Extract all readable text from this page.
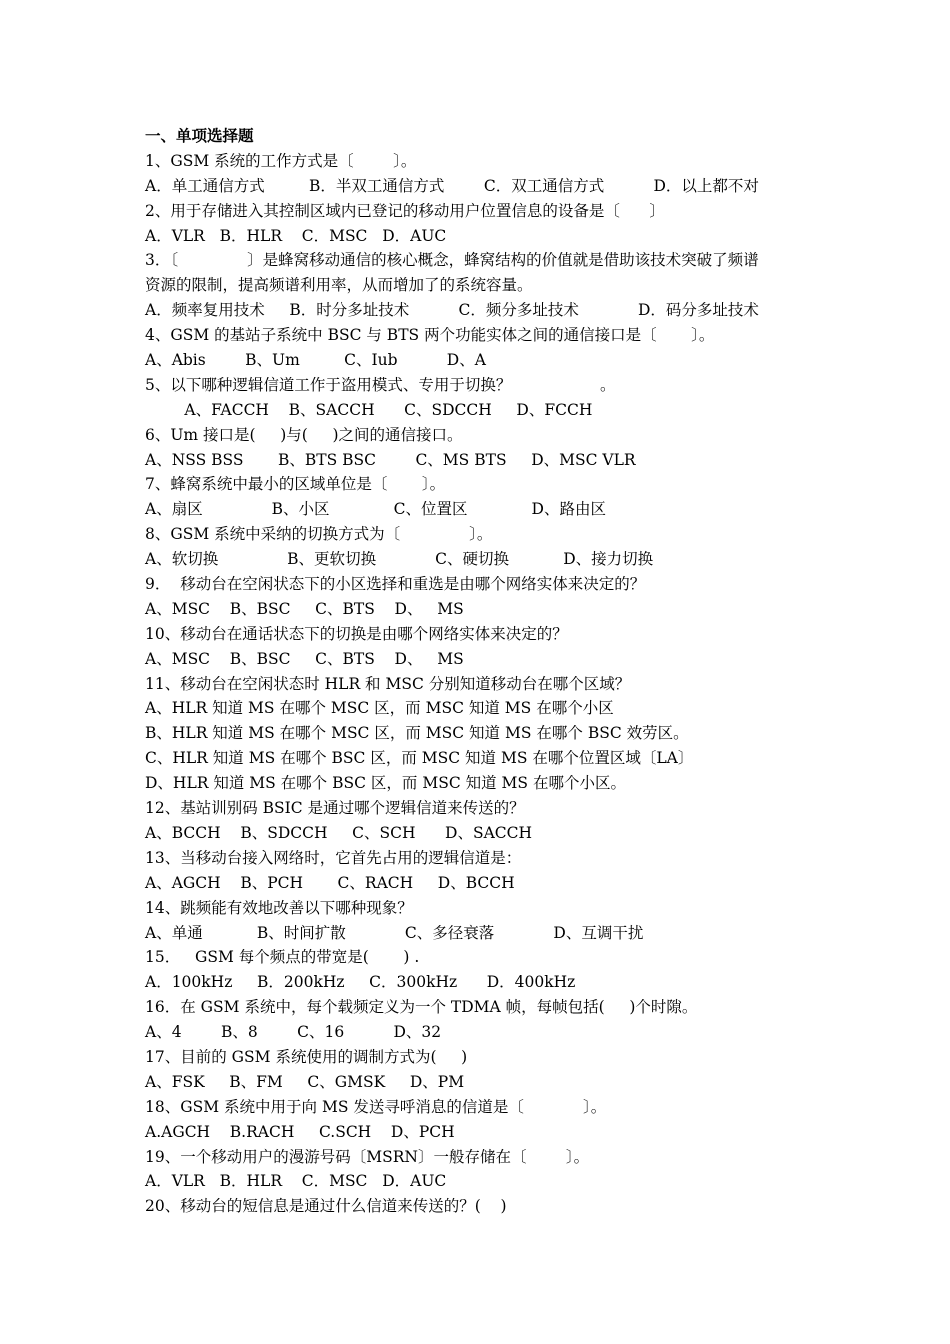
一、单项选择题
1、GSM 系统的工作方式是〔        〕。
A．单工通信方式         B．半双工通信方式        C．双工通信方式          D．以上都不对
2、用于存储进入其控制区域内已登记的移动用户位置信息的设备是〔      〕
A．VLR   B．HLR    C．MSC   D．AUC
3．〔              〕是蜂窝移动通信的核心概念，蜂窝结构的价值就是借助该技术突破了频谱
资源的限制，提高频谱利用率，从而增加了的系统容量。
A．频率复用技术     B．时分多址技术          C．频分多址技术            D．码分多址技术
4、GSM 的基站子系统中 BSC 与 BTS 两个功能实体之间的通信接口是〔       〕。
A、Abis        B、Um         C、Iub          D、A
5、以下哪种逻辑信道工作于盗用模式、专用于切换？                  。
A、FACCH    B、SACCH      C、SDCCH     D、FCCH
6、Um 接口是(     )与(     )之间的通信接口。
A、NSS BSS       B、BTS BSC        C、MS BTS     D、MSC VLR
7、蜂窝系统中最小的区域单位是〔       〕。
A、扇区              B、小区             C、位置区             D、路由区
8、GSM 系统中采纳的切换方式为〔              〕。
A、软切换              B、更软切换            C、硬切换           D、接力切换
9．  移动台在空闲状态下的小区选择和重选是由哪个网络实体来决定的？
A、MSC    B、BSC     C、BTS    D、   MS
10、移动台在通话状态下的切换是由哪个网络实体来决定的？
A、MSC    B、BSC     C、BTS    D、   MS
11、移动台在空闲状态时 HLR 和 MSC 分别知道移动台在哪个区域？
A、HLR 知道 MS 在哪个 MSC 区，而 MSC 知道 MS 在哪个小区
B、HLR 知道 MS 在哪个 MSC 区，而 MSC 知道 MS 在哪个 BSC 效劳区。
C、HLR 知道 MS 在哪个 BSC 区，而 MSC 知道 MS 在哪个位置区域〔LA〕
D、HLR 知道 MS 在哪个 BSC 区，而 MSC 知道 MS 在哪个小区。
12、基站训别码 BSIC 是通过哪个逻辑信道来传送的？
A、BCCH    B、SDCCH     C、SCH      D、SACCH
13、当移动台接入网络时，它首先占用的逻辑信道是：
A、AGCH    B、PCH       C、RACH     D、BCCH
14、跳频能有效地改善以下哪种现象？
A、单通           B、时间扩散            C、多径衰落            D、互调干扰
15．   GSM 每个频点的带宽是(       ) .
A．100kHz     B．200kHz     C．300kHz      D．400kHz
16．在 GSM 系统中，每个载频定义为一个 TDMA 帧，每帧包括(     )个时隙。
A、4        B、8        C、16          D、32
17、目前的 GSM 系统使用的调制方式为(     )
A、FSK     B、FM     C、GMSK     D、PM
18、GSM 系统中用于向 MS 发送寻呼消息的信道是〔            〕。
A.AGCH    B.RACH     C.SCH    D、PCH
19、一个移动用户的漫游号码〔MSRN〕一般存储在〔        〕。
A．VLR   B．HLR    C．MSC   D．AUC
20、移动台的短信息是通过什么信道来传送的？(    )
